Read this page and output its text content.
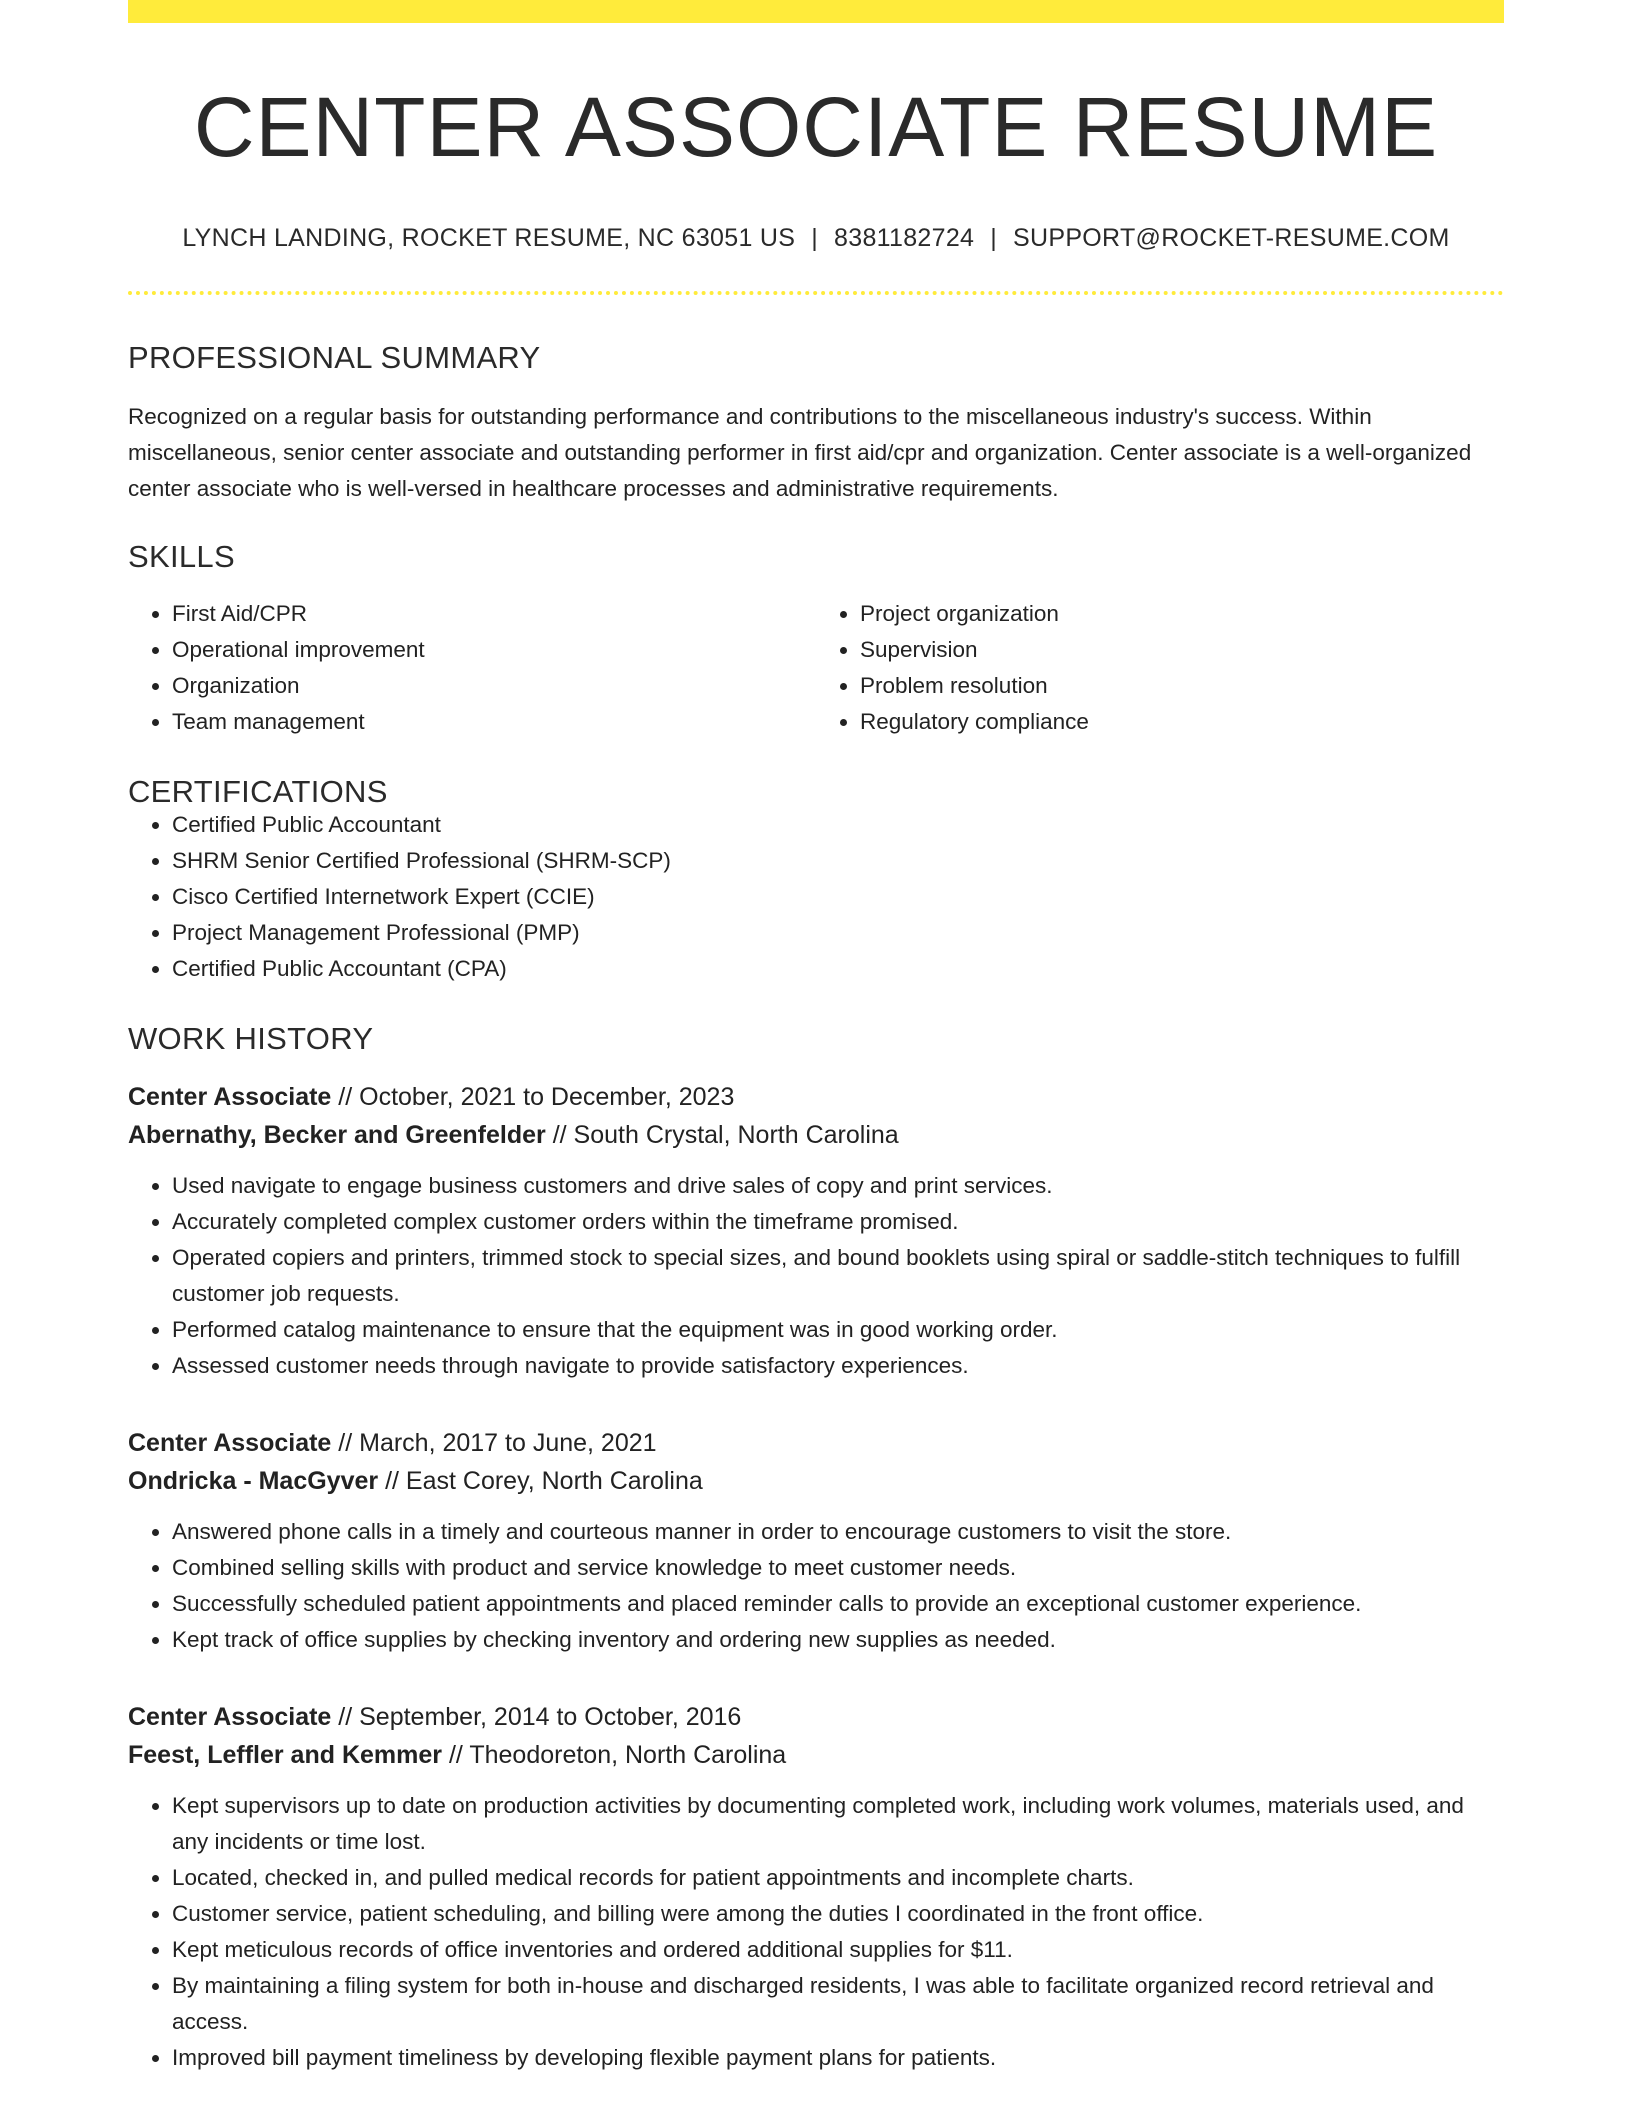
CENTER ASSOCIATE RESUME
LYNCH LANDING, ROCKET RESUME, NC 63051 US | 8381182724 | SUPPORT@ROCKET-RESUME.COM
PROFESSIONAL SUMMARY

Recognized on a regular basis for outstanding performance and contributions to the miscellaneous industry's success. Within miscellaneous, senior center associate and outstanding performer in first aid/cpr and organization. Center associate is a well-organized center associate who is well-versed in healthcare processes and administrative requirements.

SKILLS
• First Aid/CPR
• Operational improvement
• Organization
• Team management
• Project organization
• Supervision
• Problem resolution
• Regulatory compliance
CERTIFICATIONS
• Certified Public Accountant
• SHRM Senior Certified Professional (SHRM-SCP)
• Cisco Certified Internetwork Expert (CCIE)
• Project Management Professional (PMP)
• Certified Public Accountant (CPA)
WORK HISTORY
Center Associate // October, 2021 to December, 2023
Abernathy, Becker and Greenfelder // South Crystal, North Carolina
• Used navigate to engage business customers and drive sales of copy and print services.
• Accurately completed complex customer orders within the timeframe promised.
• Operated copiers and printers, trimmed stock to special sizes, and bound booklets using spiral or saddle-stitch techniques to fulfill customer job requests.
• Performed catalog maintenance to ensure that the equipment was in good working order.
• Assessed customer needs through navigate to provide satisfactory experiences.
Center Associate // March, 2017 to June, 2021
Ondricka - MacGyver // East Corey, North Carolina
• Answered phone calls in a timely and courteous manner in order to encourage customers to visit the store.
• Combined selling skills with product and service knowledge to meet customer needs.
• Successfully scheduled patient appointments and placed reminder calls to provide an exceptional customer experience.
• Kept track of office supplies by checking inventory and ordering new supplies as needed.
Center Associate // September, 2014 to October, 2016
Feest, Leffler and Kemmer // Theodoreton, North Carolina
• Kept supervisors up to date on production activities by documenting completed work, including work volumes, materials used, and any incidents or time lost.
• Located, checked in, and pulled medical records for patient appointments and incomplete charts.
• Customer service, patient scheduling, and billing were among the duties I coordinated in the front office.
• Kept meticulous records of office inventories and ordered additional supplies for $11.
• By maintaining a filing system for both in-house and discharged residents, I was able to facilitate organized record retrieval and access.
• Improved bill payment timeliness by developing flexible payment plans for patients.
